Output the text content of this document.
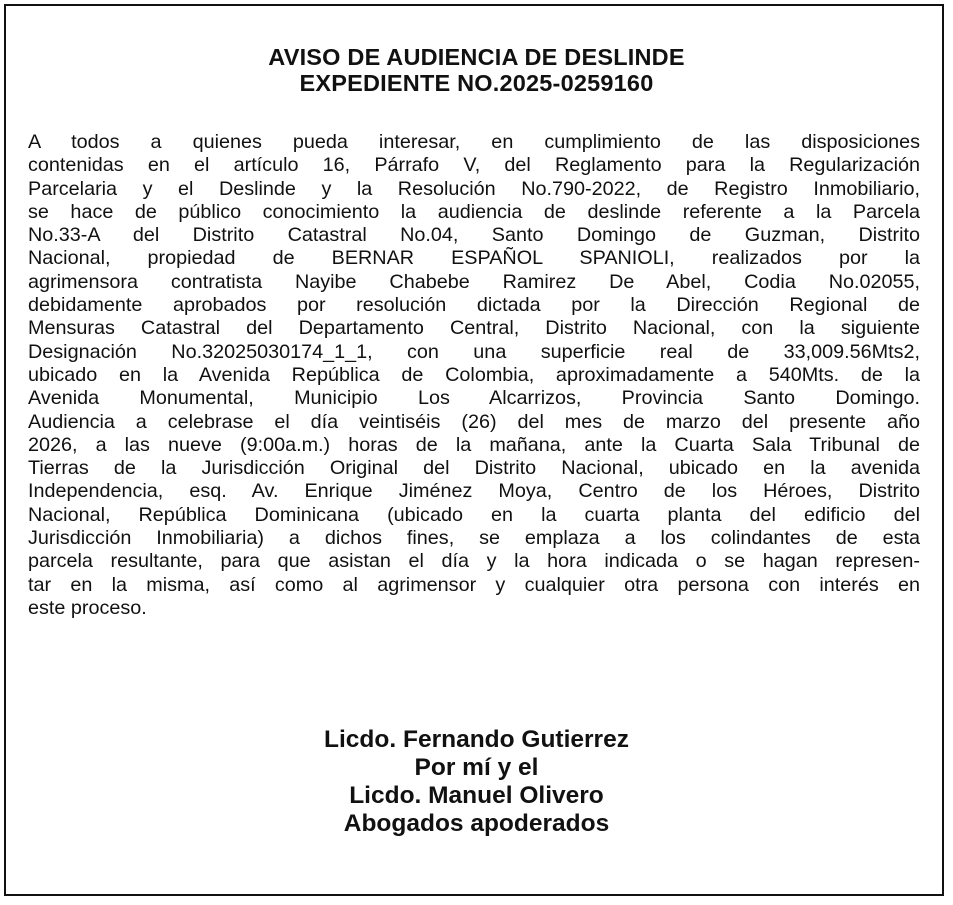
AVISO DE AUDIENCIA DE DESLINDE
EXPEDIENTE NO.2025-0259160
A todos a quienes pueda interesar, en cumplimiento de las disposiciones
contenidas en el artículo 16, Párrafo V, del Reglamento para la Regularización
Parcelaria y el Deslinde y la Resolución No.790-2022, de Registro Inmobiliario,
se hace de público conocimiento la audiencia de deslinde referente a la Parcela
No.33-A del Distrito Catastral No.04, Santo Domingo de Guzman, Distrito
Nacional, propiedad de BERNAR ESPAÑOL SPANIOLI, realizados por la
agrimensora contratista Nayibe Chabebe Ramirez De Abel, Codia No.02055,
debidamente aprobados por resolución dictada por la Dirección Regional de
Mensuras Catastral del Departamento Central, Distrito Nacional, con la siguiente
Designación No.32025030174_1_1, con una superficie real de 33,009.56Mts2,
ubicado en la Avenida República de Colombia, aproximadamente a 540Mts. de la
Avenida Monumental, Municipio Los Alcarrizos, Provincia Santo Domingo.
Audiencia a celebrase el día veintiséis (26) del mes de marzo del presente año
2026, a las nueve (9:00a.m.) horas de la mañana, ante la Cuarta Sala Tribunal de
Tierras de la Jurisdicción Original del Distrito Nacional, ubicado en la avenida
Independencia, esq. Av. Enrique Jiménez Moya, Centro de los Héroes, Distrito
Nacional, República Dominicana (ubicado en la cuarta planta del edificio del
Jurisdicción Inmobiliaria) a dichos fines, se emplaza a los colindantes de esta
parcela resultante, para que asistan el día y la hora indicada o se hagan represen-
tar en la misma, así como al agrimensor y cualquier otra persona con interés en
este proceso.
Licdo. Fernando Gutierrez
Por mí y el
Licdo. Manuel Olivero
Abogados apoderados
